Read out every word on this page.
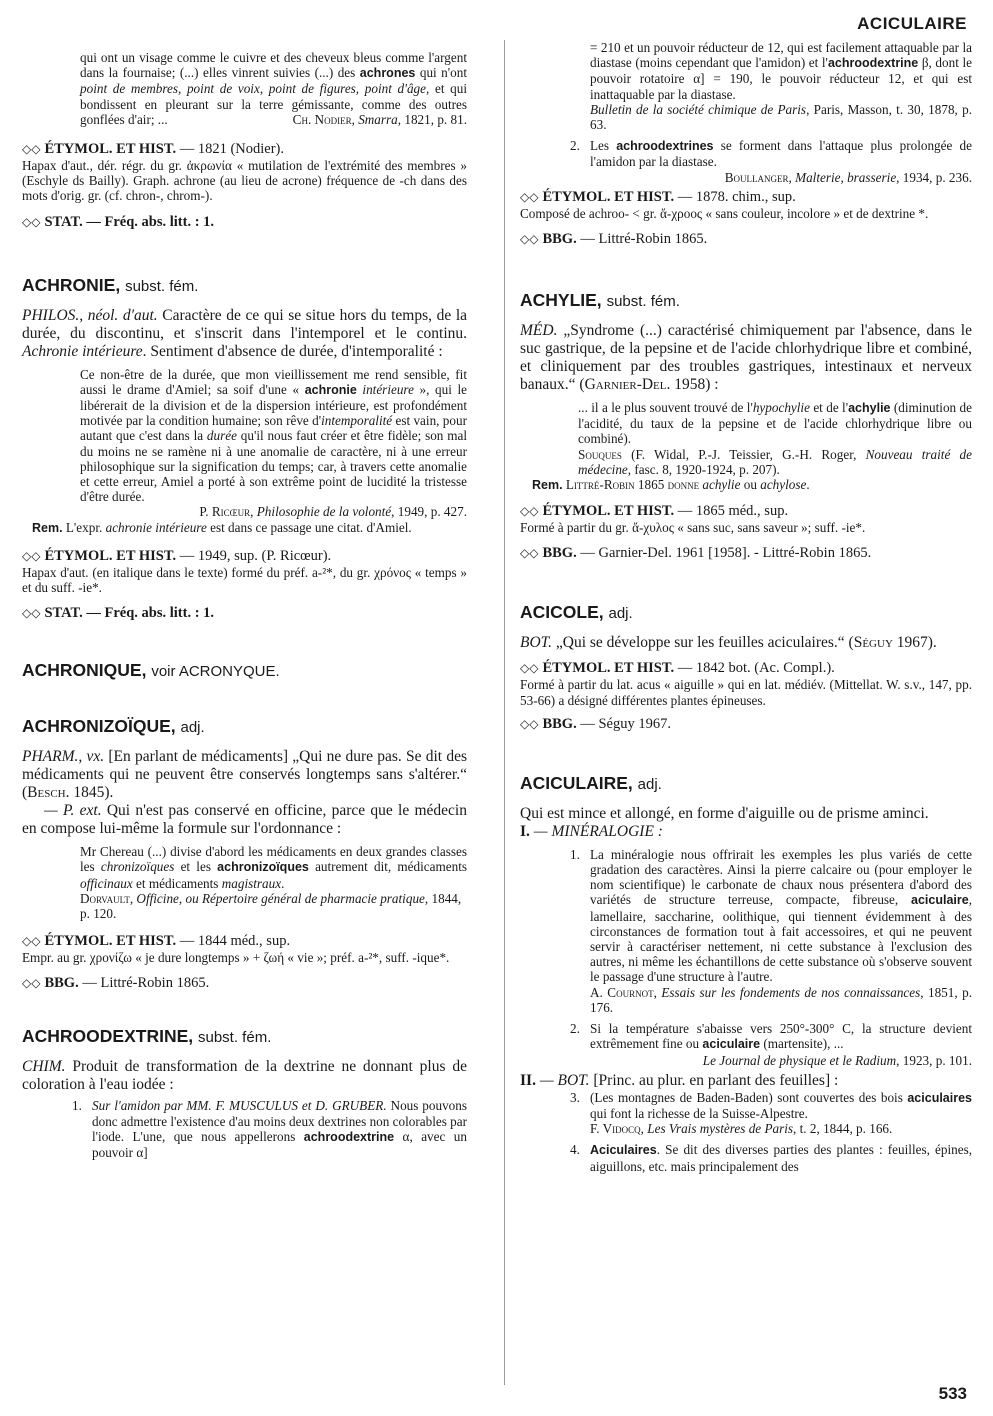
ACICULAIRE
qui ont un visage comme le cuivre et des cheveux bleus comme l'argent dans la fournaise; (...) elles vinrent suivies (...) des achrones qui n'ont point de membres, point de voix, point de figures, point d'âge, et qui bondissent en pleurant sur la terre gémissante, comme des outres gonflées d'air; ...	Ch. Nodier, Smarra, 1821, p. 81.
◇◇ ÉTYMOL. ET HIST. — 1821 (Nodier).
Hapax d'aut., dér. régr. du gr. ἀκρωνία « mutilation de l'extrémité des membres » (Eschyle ds Bailly). Graph. achrone (au lieu de acrone) fréquence de -ch dans des mots d'orig. gr. (cf. chron-, chrom-).
◇◇ STAT. — Fréq. abs. litt. : 1.
ACHRONIE, subst. fém.
PHILOS., néol. d'aut. Caractère de ce qui se situe hors du temps, de la durée, du discontinu, et s'inscrit dans l'intemporel et le continu. Achronie intérieure. Sentiment d'absence de durée, d'intemporalité :
Ce non-être de la durée, que mon vieillissement me rend sensible, fit aussi le drame d'Amiel; sa soif d'une « achronie intérieure », qui le libérerait de la division et de la dispersion intérieure, est profondément motivée par la condition humaine; son rêve d'intemporalité est vain, pour autant que c'est dans la durée qu'il nous faut créer et être fidèle; son mal du moins ne se ramène ni à une anomalie de caractère, ni à une erreur philosophique sur la signification du temps; car, à travers cette anomalie et cette erreur, Amiel a porté à son extrême point de lucidité la tristesse d'être durée.
P. Ricœur, Philosophie de la volonté, 1949, p. 427.
Rem. L'expr. achronie intérieure est dans ce passage une citat. d'Amiel.
◇◇ ÉTYMOL. ET HIST. — 1949, sup. (P. Ricœur).
Hapax d'aut. (en italique dans le texte) formé du préf. a-²*, du gr. χρόνος « temps » et du suff. -ie*.
◇◇ STAT. — Fréq. abs. litt. : 1.
ACHRONIQUE, voir ACRONYQUE.
ACHRONIZOÏQUE, adj.
PHARM., vx. [En parlant de médicaments] „Qui ne dure pas. Se dit des médicaments qui ne peuvent être conservés longtemps sans s'altérer.“ (Besch. 1845).
— P. ext. Qui n'est pas conservé en officine, parce que le médecin en compose lui-même la formule sur l'ordonnance :
Mr Chereau (...) divise d'abord les médicaments en deux grandes classes les chronizoïques et les achronizoïques autrement dit, médicaments officinaux et médicaments magistraux.
Dorvault, Officine, ou Répertoire général de pharmacie pratique, 1844, p. 120.
◇◇ ÉTYMOL. ET HIST. — 1844 méd., sup.
Empr. au gr. χρονίζω « je dure longtemps » + ζωή « vie »; préf. a-²*, suff. -ique*.
◇◇ BBG. — Littré-Robin 1865.
ACHROODEXTRINE, subst. fém.
CHIM. Produit de transformation de la dextrine ne donnant plus de coloration à l'eau iodée :
1. Sur l'amidon par MM. F. MUSCULUS et D. GRUBER. Nous pouvons donc admettre l'existence d'au moins deux dextrines non colorables par l'iode. L'une, que nous appellerons achroodextrine α, avec un pouvoir α]
= 210 et un pouvoir réducteur de 12, qui est facilement attaquable par la diastase (moins cependant que l'amidon) et l'achroodextrine β, dont le pouvoir rotatoire α] = 190, le pouvoir réducteur 12, et qui est inattaquable par la diastase.
Bulletin de la société chimique de Paris, Paris, Masson, t. 30, 1878, p. 63.
2. Les achroodextrines se forment dans l'attaque plus prolongée de l'amidon par la diastase.
Boullanger, Malterie, brasserie, 1934, p. 236.
◇◇ ÉTYMOL. ET HIST. — 1878. chim., sup.
Composé de achroo- < gr. ἄ-χροος « sans couleur, incolore » et de dextrine *.
◇◇ BBG. — Littré-Robin 1865.
ACHYLIE, subst. fém.
MÉD. „Syndrome (...) caractérisé chimiquement par l'absence, dans le suc gastrique, de la pepsine et de l'acide chlorhydrique libre et combiné, et cliniquement par des troubles gastriques, intestinaux et nerveux banaux.“ (Garnier-Del. 1958) :
... il a le plus souvent trouvé de l'hypochylie et de l'achylie (diminution de l'acidité, du taux de la pepsine et de l'acide chlorhydrique libre ou combiné).
Souques (F. Widal, P.-J. Teissier, G.-H. Roger, Nouveau traité de médecine, fasc. 8, 1920-1924, p. 207).
Rem. Littré-Robin 1865 donne achylie ou achylose.
◇◇ ÉTYMOL. ET HIST. — 1865 méd., sup.
Formé à partir du gr. ἄ-χυλος « sans suc, sans saveur »; suff. -ie*.
◇◇ BBG. — Garnier-Del. 1961 [1958]. - Littré-Robin 1865.
ACICOLE, adj.
BOT. „Qui se développe sur les feuilles aciculaires.“ (Séguy 1967).
◇◇ ÉTYMOL. ET HIST. — 1842 bot. (Ac. Compl.).
Formé à partir du lat. acus « aiguille » qui en lat. médiév. (Mittellat. W. s.v., 147, pp. 53-66) a désigné différentes plantes épineuses.
◇◇ BBG. — Séguy 1967.
ACICULAIRE, adj.
Qui est mince et allongé, en forme d'aiguille ou de prisme aminci.
I. — MINÉRALOGIE :
1. La minéralogie nous offrirait les exemples les plus variés de cette gradation des caractères. Ainsi la pierre calcaire ou (pour employer le nom scientifique) le carbonate de chaux nous présentera d'abord des variétés de structure terreuse, compacte, fibreuse, aciculaire, lamellaire, saccharine, oolithique, qui tiennent évidemment à des circonstances de formation tout à fait accessoires, et qui ne peuvent servir à caractériser nettement, ni cette substance à l'exclusion des autres, ni même les échantillons de cette substance où s'observe souvent le passage d'une structure à l'autre.
A. Cournot, Essais sur les fondements de nos connaissances, 1851, p. 176.
2. Si la température s'abaisse vers 250°-300° C, la structure devient extrêmement fine ou aciculaire (martensite), ...
Le Journal de physique et le Radium, 1923, p. 101.
II. — BOT. [Princ. au plur. en parlant des feuilles] :
3. (Les montagnes de Baden-Baden) sont couvertes des bois aciculaires qui font la richesse de la Suisse-Alpestre.
F. Vidocq, Les Vrais mystères de Paris, t. 2, 1844, p. 166.
4. Aciculaires. Se dit des diverses parties des plantes : feuilles, épines, aiguillons, etc. mais principalement des
533
